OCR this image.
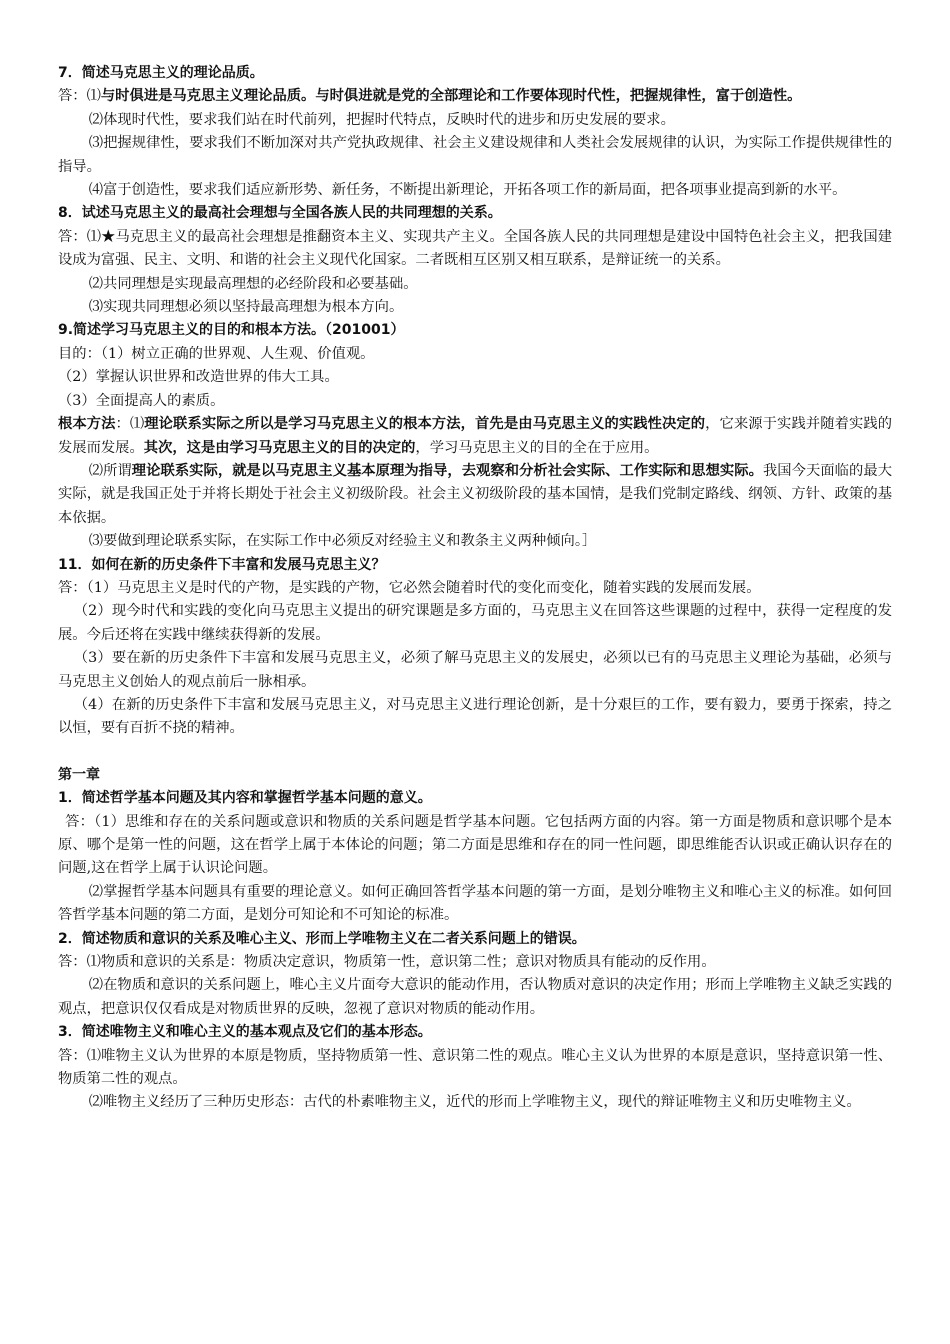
7．简述马克思主义的理论品质。

答：⑴与时俱进是马克思主义理论品质。与时俱进就是党的全部理论和工作要体现时代性，把握规律性，富于创造性。

⑵体现时代性，要求我们站在时代前列，把握时代特点，反映时代的进步和历史发展的要求。

⑶把握规律性，要求我们不断加深对共产党执政规律、社会主义建设规律和人类社会发展规律的认识，为实际工作提供规律性的指导。

⑷富于创造性，要求我们适应新形势、新任务，不断提出新理论，开拓各项工作的新局面，把各项事业提高到新的水平。

8．试述马克思主义的最高社会理想与全国各族人民的共同理想的关系。

答：⑴★马克思主义的最高社会理想是推翻资本主义、实现共产主义。全国各族人民的共同理想是建设中国特色社会主义，把我国建设成为富强、民主、文明、和谐的社会主义现代化国家。二者既相互区别又相互联系，是辩证统一的关系。

⑵共同理想是实现最高理想的必经阶段和必要基础。

⑶实现共同理想必须以坚持最高理想为根本方向。

9.简述学习马克思主义的目的和根本方法。（201001）

目的：（1）树立正确的世界观、人生观、价值观。

（2）掌握认识世界和改造世界的伟大工具。

（3）全面提高人的素质。

根本方法：⑴理论联系实际之所以是学习马克思主义的根本方法，首先是由马克思主义的实践性决定的，它来源于实践并随着实践的发展而发展。其次，这是由学习马克思主义的目的决定的，学习马克思主义的目的全在于应用。

⑵所谓理论联系实际，就是以马克思主义基本原理为指导，去观察和分析社会实际、工作实际和思想实际。我国今天面临的最大实际，就是我国正处于并将长期处于社会主义初级阶段。社会主义初级阶段的基本国情，是我们党制定路线、纲领、方针、政策的基本依据。

⑶要做到理论联系实际，在实际工作中必须反对经验主义和教条主义两种倾向。］

11．如何在新的历史条件下丰富和发展马克思主义？

答：（1）马克思主义是时代的产物，是实践的产物，它必然会随着时代的变化而变化，随着实践的发展而发展。

（2）现今时代和实践的变化向马克思主义提出的研究课题是多方面的，马克思主义在回答这些课题的过程中，获得一定程度的发展。今后还将在实践中继续获得新的发展。

（3）要在新的历史条件下丰富和发展马克思主义，必须了解马克思主义的发展史，必须以已有的马克思主义理论为基础，必须与马克思主义创始人的观点前后一脉相承。

（4）在新的历史条件下丰富和发展马克思主义，对马克思主义进行理论创新，是十分艰巨的工作，要有毅力，要勇于探索，持之以恒，要有百折不挠的精神。

第一章

1．简述哲学基本问题及其内容和掌握哲学基本问题的意义。

答：（1）思维和存在的关系问题或意识和物质的关系问题是哲学基本问题。它包括两方面的内容。第一方面是物质和意识哪个是本原、哪个是第一性的问题，这在哲学上属于本体论的问题；第二方面是思维和存在的同一性问题，即思维能否认识或正确认识存在的问题,这在哲学上属于认识论问题。

⑵掌握哲学基本问题具有重要的理论意义。如何正确回答哲学基本问题的第一方面，是划分唯物主义和唯心主义的标准。如何回答哲学基本问题的第二方面，是划分可知论和不可知论的标准。

2．简述物质和意识的关系及唯心主义、形而上学唯物主义在二者关系问题上的错误。

答：⑴物质和意识的关系是：物质决定意识，物质第一性，意识第二性；意识对物质具有能动的反作用。

⑵在物质和意识的关系问题上，唯心主义片面夸大意识的能动作用，否认物质对意识的决定作用；形而上学唯物主义缺乏实践的观点，把意识仅仅看成是对物质世界的反映，忽视了意识对物质的能动作用。

3．简述唯物主义和唯心主义的基本观点及它们的基本形态。

答：⑴唯物主义认为世界的本原是物质，坚持物质第一性、意识第二性的观点。唯心主义认为世界的本原是意识，坚持意识第一性、物质第二性的观点。

⑵唯物主义经历了三种历史形态：古代的朴素唯物主义，近代的形而上学唯物主义，现代的辩证唯物主义和历史唯物主义。
